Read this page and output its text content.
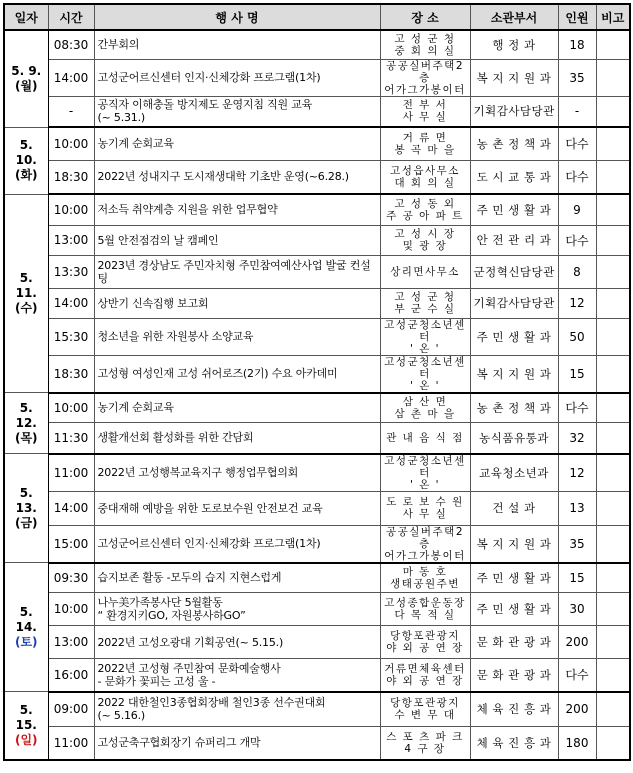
일자	시간	행 사 명	장 소	소관부서	인원	비고
5. 9.
(월)	08:30	간부회의	고 성 군 청
중 회 의 실	행 정 과	18	
	14:00	고성군어르신센터 인지·신체강화 프로그램(1차)	공공실버주택2층
어가그가봉이터	복 지 지 원 과	35	
	-	공직자 이해충돌 방지제도 운영지침 직원 교육
(~ 5.31.)	전 부 서
사 무 실	기획감사담당관	-	
5. 10.
(화)	10:00	농기계 순회교육	거 류 면
봉 곡 마 을	농 촌 정 책 과	다수	
	18:30	2022년 성내지구 도시재생대학 기초반 운영(~6.28.)	고성읍사무소
대 회 의 실	도 시 교 통 과	다수	
5. 11.
(수)	10:00	저소득 취약계층 지원을 위한 업무협약	고 성 동 외
주 공 아 파 트	주 민 생 활 과	9	
	13:00	5월 안전점검의 날 캠페인	고 성 시 장
및 광 장	안 전 관 리 과	다수	
	13:30	2023년 경상남도 주민자치형 주민참여예산사업 발굴 컨설팅	상리면사무소	군정혁신담당관	8	
	14:00	상반기 신속집행 보고회	고 성 군 청
부 군 수 실	기획감사담당관	12	
	15:30	청소년을 위한 자원봉사 소양교육	고성군청소년센터
' 온 '	주 민 생 활 과	50	
	18:30	고성형 여성인재 고성 쉬어로즈(2기) 수요 아카데미	고성군청소년센터
' 온 '	복 지 지 원 과	15	
5. 12.
(목)	10:00	농기계 순회교육	삼 산 면
삼 촌 마 을	농 촌 정 책 과	다수	
	11:30	생활개선회 활성화를 위한 간담회	관 내 음 식 점	농식품유통과	32	
5. 13.
(금)	11:00	2022년 고성행복교육지구 행정업무협의회	고성군청소년센터
' 온 '	교육청소년과	12	
	14:00	중대재해 예방을 위한 도로보수원 안전보건 교육	도 로 보 수 원
사 무 실	건 설 과	13	
	15:00	고성군어르신센터 인지·신체강화 프로그램(1차)	공공실버주택2층
어가그가봉이터	복 지 지 원 과	35	
5. 14.
(토)	09:30	습지보존 활동 -모두의 습지 지현스럽게	마 동 호
생태공원주변	주 민 생 활 과	15	
	10:00	나누美가족봉사단 5월활동
“ 환경지키GO, 자원봉사하GO”	고성종합운동장
다 목 적 실	주 민 생 활 과	30	
	13:00	2022년 고성오광대 기획공연(~ 5.15.)	당항포관광지
야 외 공 연 장	문 화 관 광 과	200	
	16:00	2022년 고성형 주민참여 문화예술행사
- 문화가 꽃피는 고성 울 -	거류면체육센터
야 외 공 연 장	문 화 관 광 과	다수	
5. 15.
(일)	09:00	2022 대한철인3종협회장배 철인3종 선수권대회
(~ 5.16.)	당항포관광지
수 변 무 대	체 육 진 흥 과	200	
	11:00	고성군축구협회장기 슈퍼리그 개막	스 포 츠 파 크
4 구 장	체 육 진 흥 과	180	
